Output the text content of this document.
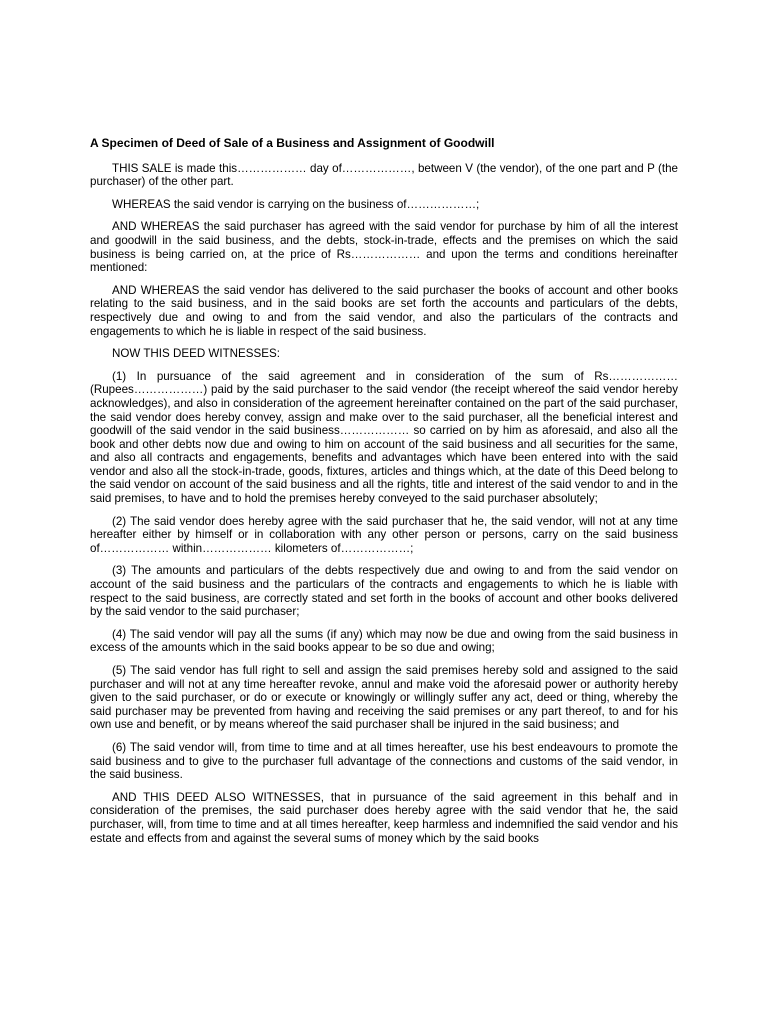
A Specimen of Deed of Sale of a Business and Assignment of Goodwill

THIS SALE is made this……………… day of………………, between V (the vendor), of the one part and P (the purchaser) of the other part.

WHEREAS the said vendor is carrying on the business of………………;

AND WHEREAS the said purchaser has agreed with the said vendor for purchase by him of all the interest and goodwill in the said business, and the debts, stock-in-trade, effects and the premises on which the said business is being carried on, at the price of Rs……………… and upon the terms and conditions hereinafter mentioned:

AND WHEREAS the said vendor has delivered to the said purchaser the books of account and other books relating to the said business, and in the said books are set forth the accounts and particulars of the debts, respectively due and owing to and from the said vendor, and also the particulars of the contracts and engagements to which he is liable in respect of the said business.

NOW THIS DEED WITNESSES:

(1) In pursuance of the said agreement and in consideration of the sum of Rs……………… (Rupees………………) paid by the said purchaser to the said vendor (the receipt whereof the said vendor hereby acknowledges), and also in consideration of the agreement hereinafter contained on the part of the said purchaser, the said vendor does hereby convey, assign and make over to the said purchaser, all the beneficial interest and goodwill of the said vendor in the said business……………… so carried on by him as aforesaid, and also all the book and other debts now due and owing to him on account of the said business and all securities for the same, and also all contracts and engagements, benefits and advantages which have been entered into with the said vendor and also all the stock-in-trade, goods, fixtures, articles and things which, at the date of this Deed belong to the said vendor on account of the said business and all the rights, title and interest of the said vendor to and in the said premises, to have and to hold the premises hereby conveyed to the said purchaser absolutely;

(2) The said vendor does hereby agree with the said purchaser that he, the said vendor, will not at any time hereafter either by himself or in collaboration with any other person or persons, carry on the said business of……………… within……………… kilometers of………………;

(3) The amounts and particulars of the debts respectively due and owing to and from the said vendor on account of the said business and the particulars of the contracts and engagements to which he is liable with respect to the said business, are correctly stated and set forth in the books of account and other books delivered by the said vendor to the said purchaser;

(4) The said vendor will pay all the sums (if any) which may now be due and owing from the said business in excess of the amounts which in the said books appear to be so due and owing;

(5) The said vendor has full right to sell and assign the said premises hereby sold and assigned to the said purchaser and will not at any time hereafter revoke, annul and make void the aforesaid power or authority hereby given to the said purchaser, or do or execute or knowingly or willingly suffer any act, deed or thing, whereby the said purchaser may be prevented from having and receiving the said premises or any part thereof, to and for his own use and benefit, or by means whereof the said purchaser shall be injured in the said business; and

(6) The said vendor will, from time to time and at all times hereafter, use his best endeavours to promote the said business and to give to the purchaser full advantage of the connections and customs of the said vendor, in the said business.

AND THIS DEED ALSO WITNESSES, that in pursuance of the said agreement in this behalf and in consideration of the premises, the said purchaser does hereby agree with the said vendor that he, the said purchaser, will, from time to time and at all times hereafter, keep harmless and indemnified the said vendor and his estate and effects from and against the several sums of money which by the said books
